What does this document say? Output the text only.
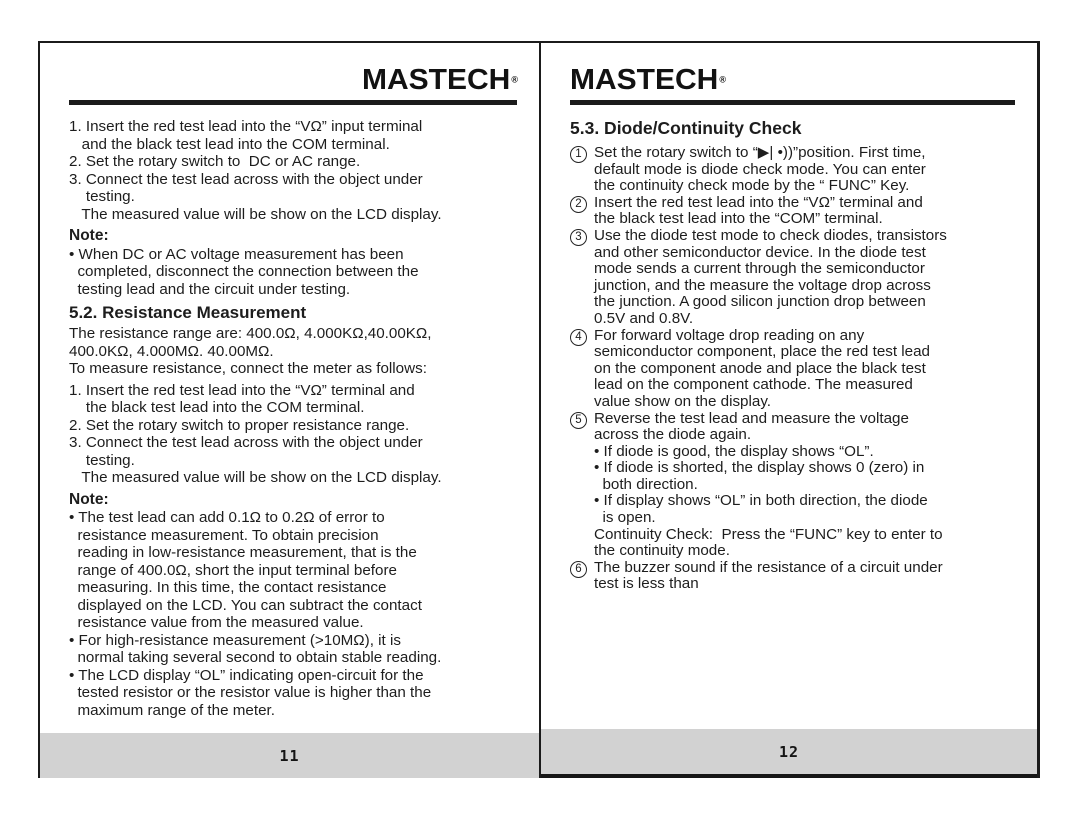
MASTECH®
1. Insert the red test lead into the “VΩ” input terminal
and the black test lead into the COM terminal.
2. Set the rotary switch to  DC or AC range.
3. Connect the test lead across with the object under
testing.
The measured value will be show on the LCD display.
Note:
• When DC or AC voltage measurement has been
completed, disconnect the connection between the
testing lead and the circuit under testing.
5.2. Resistance Measurement
The resistance range are: 400.0Ω, 4.000KΩ,40.00KΩ,
400.0KΩ, 4.000MΩ. 40.00MΩ.
To measure resistance, connect the meter as follows:
1. Insert the red test lead into the “VΩ” terminal and
the black test lead into the COM terminal.
2. Set the rotary switch to proper resistance range.
3. Connect the test lead across with the object under
testing.
The measured value will be show on the LCD display.
Note:
• The test lead can add 0.1Ω to 0.2Ω of error to
resistance measurement. To obtain precision
reading in low-resistance measurement, that is the
range of 400.0Ω, short the input terminal before
measuring. In this time, the contact resistance
displayed on the LCD. You can subtract the contact
resistance value from the measured value.
• For high-resistance measurement (>10MΩ), it is
normal taking several second to obtain stable reading.
• The LCD display “OL” indicating open-circuit for the
tested resistor or the resistor value is higher than the
maximum range of the meter.
11
MASTECH®
5.3. Diode/Continuity Check
1 Set the rotary switch to “▶| •))”position. First time,
default mode is diode check mode. You can enter
the continuity check mode by the “ FUNC” Key.
2 Insert the red test lead into the “VΩ” terminal and
the black test lead into the “COM” terminal.
3 Use the diode test mode to check diodes, transistors
and other semiconductor device. In the diode test
mode sends a current through the semiconductor
junction, and the measure the voltage drop across
the junction. A good silicon junction drop between
0.5V and 0.8V.
4 For forward voltage drop reading on any
semiconductor component, place the red test lead
on the component anode and place the black test
lead on the component cathode. The measured
value show on the display.
5 Reverse the test lead and measure the voltage
across the diode again.
• If diode is good, the display shows “OL”.
• If diode is shorted, the display shows 0 (zero) in
both direction.
• If display shows “OL” in both direction, the diode
is open.
Continuity Check:  Press the “FUNC” key to enter to
the continuity mode.
6 The buzzer sound if the resistance of a circuit under
test is less than
12
